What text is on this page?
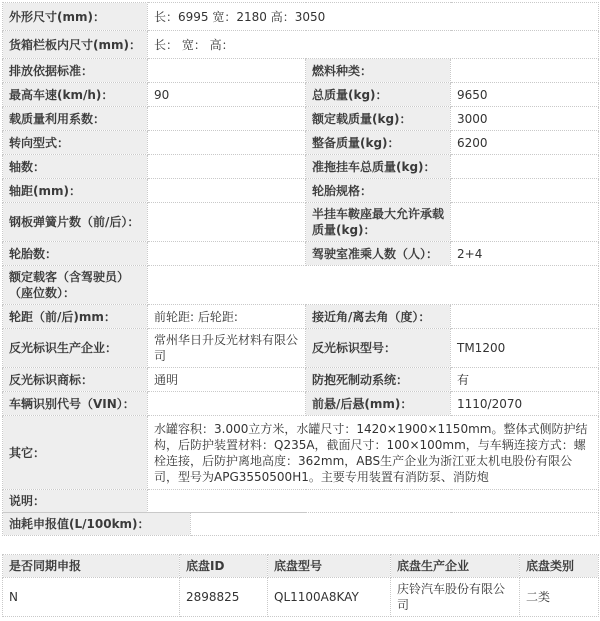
外形尺寸(mm)：	长：6995 宽：2180 高：3050		
货箱栏板内尺寸(mm)：	长： 宽： 高：		
排放依据标准：		燃料种类：	
最高车速(km/h)：	90	总质量(kg)：	9650
载质量利用系数：		额定载质量(kg)：	3000
转向型式：		整备质量(kg)：	6200
轴数：		准拖挂车总质量(kg)：	
轴距(mm)：		轮胎规格：	
钢板弹簧片数（前/后）：		半挂车鞍座最大允许承载质量(kg)：	
轮胎数：		驾驶室准乘人数（人）：	2+4
额定载客（含驾驶员）（座位数）：			
轮距（前/后)mm：	前轮距: 后轮距:	接近角/离去角（度）：	
反光标识生产企业：	常州华日升反光材料有限公司	反光标识型号：	TM1200
反光标识商标：	通明	防抱死制动系统：	有
车辆识别代号（VIN）：		前悬/后悬(mm)：	1110/2070
其它：	水罐容积：3.000立方米，水罐尺寸：1420×1900×1150mm。整体式侧防护结构，后防护装置材料：Q235A，截面尺寸：100×100mm，与车辆连接方式：螺栓连接，后防护离地高度：362mm，ABS生产企业为浙江亚太机电股份有限公司，型号为APG3550500H1。主要专用装置有消防泵、消防炮		
说明：			
油耗申报值(L/100km)：	
是否同期申报	底盘ID	底盘型号	底盘生产企业	底盘类别
N	2898825	QL1100A8KAY	庆铃汽车股份有限公司	二类
